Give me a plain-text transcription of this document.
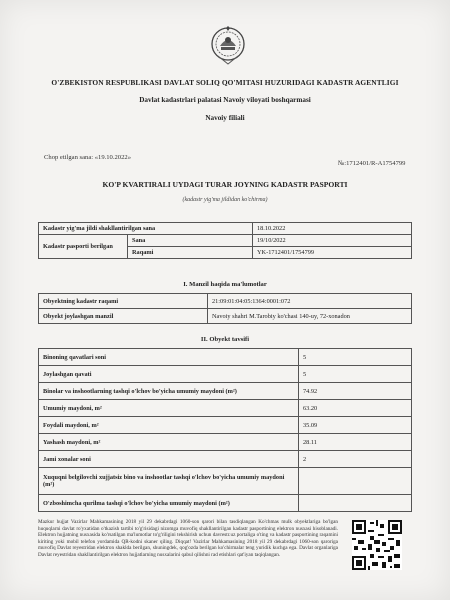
O'ZBEKISTON RESPUBLIKASI DAVLAT SOLIQ QO'MITASI HUZURIDAGI KADASTR AGENTLIGI
Davlat kadastrlari palatasi Navoiy viloyati boshqarmasi
Navoiy filiali
Chop etilgan sana: «19.10.2022»
№:1712401/R-A1754799
KO'P KVARTIRALI UYDAGI TURAR JOYNING KADASTR PASPORTI
(kadastr yig'ma jildidan ko'chirma)
Kadastr yig'ma jildi shakllantirilgan sana		18.10.2022
Kadastr pasporti berilgan	Sana	19/10/2022
	Raqami	YK-1712401/1754799
I. Manzil haqida ma'lumotlar
Obyektning kadastr raqami	21:09:01:04:05:1364:0001:072
Obyekt joylashgan manzil	Navoiy shahri M.Tarobiy ko'chasi 140-uy, 72-xonadon
II. Obyekt tavsifi
Binoning qavatlari soni	5
Joylashgan qavati	5
Binolar va inshootlarning tashqi o'lchov bo'yicha umumiy maydoni (m²)	74.92
Umumiy maydoni, m²	63.20
Foydali maydoni, m²	35.09
Yashash maydoni, m²	28.11
Jami xonalar soni	2
Xuquqni belgilovchi xujjatsiz bino va inshootlar tashqi o'lchov bo'yicha umumiy maydoni (m²)	
O'zboshimcha qurilma tashqi o'lchov bo'yicha umumiy maydoni (m²)	
Mazkur hujjat Vazirlar Mahkamasining 2018 yil 29 dekabrdagi 1060-son qarori bilan tasdiqlangan Ko'chmas mulk obyektlariga bo'lgan huquqlarni davlat ro'yxatidan o'tkazish tartibi to'g'risidagi nizomga muvofiq shakllantirilgan kadastr pasportining elektron nusxasi hisoblanadi. Elektron hujjatning nusxasida ko'rsatilgan ma'lumotlar to'g'riligini tekshirish uchun davrestr.uz portaliga o'ting va kadastr pasportining raqamini kiriting yoki mobil telefon yordamida QR-kodni skaner qiling. Diqqat! Vazirlar Mahkamasining 2018 yil 29 dekabrdagi 1060-son qaroriga muvofiq Davlat reyestridan elektron shaklda berilgan, shuningdek, qog'ozda berilgan ko'chirmalar teng yuridik kuchga ega. Davlat organlariga Davlat reyestridan shakllantirilgan elektron hujjatlarning nusxalarini qabul qilishni rad etishlari qat'iyan taqiqlangan.
